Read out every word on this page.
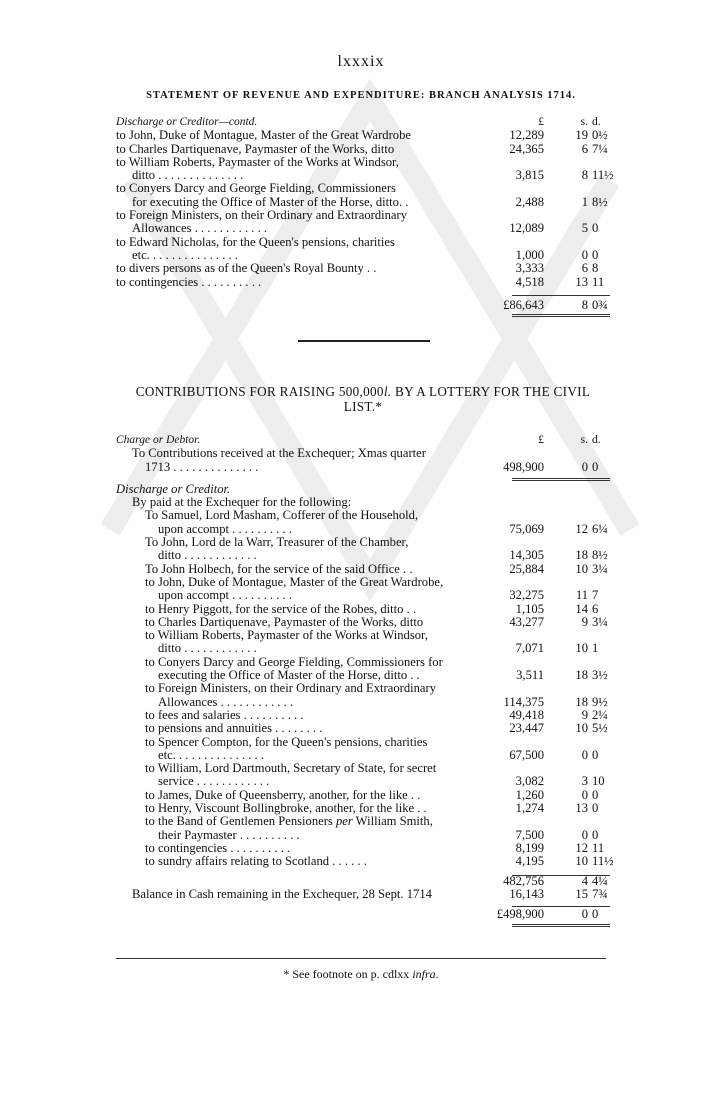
lxxxix
STATEMENT OF REVENUE AND EXPENDITURE: BRANCH ANALYSIS 1714.
Discharge or Creditor—contd.	£	s. d.
to John, Duke of Montague, Master of the Great Wardrobe	12,289	19 0½
to Charles Dartiquenave, Paymaster of the Works, ditto	24,365	6 7¼
to William Roberts, Paymaster of the Works at Windsor,
ditto . . . . . . . . . . . . . .	3,815	8 11½
to Conyers Darcy and George Fielding, Commissioners
for executing the Office of Master of the Horse, ditto. .	2,488	1 8½
to Foreign Ministers, on their Ordinary and Extraordinary
Allowances . . . . . . . . . . . .	12,089	5 0
to Edward Nicholas, for the Queen's pensions, charities
etc. . . . . . . . . . . . . . .	1,000	0 0
to divers persons as of the Queen's Royal Bounty . .	3,333	6 8
to contingencies . . . . . . . . . .	4,518	13 11
£86,643	8 0¾
CONTRIBUTIONS FOR RAISING 500,000l. BY A LOTTERY FOR THE CIVIL LIST.*
Charge or Debtor.	£	s. d.
To Contributions received at the Exchequer; Xmas quarter
1713 . . . . . . . . . . . . . .	498,900	0 0
Discharge or Creditor.
By paid at the Exchequer for the following:
To Samuel, Lord Masham, Cofferer of the Household,
upon accompt . . . . . . . . . .	75,069	12 6¼
To John, Lord de la Warr, Treasurer of the Chamber,
ditto . . . . . . . . . . . .	14,305	18 8½
To John Holbech, for the service of the said Office . .	25,884	10 3¼
to John, Duke of Montague, Master of the Great Wardrobe,
upon accompt . . . . . . . . . .	32,275	11 7
to Henry Piggott, for the service of the Robes, ditto . .	1,105	14 6
to Charles Dartiquenave, Paymaster of the Works, ditto	43,277	9 3¼
to William Roberts, Paymaster of the Works at Windsor,
ditto . . . . . . . . . . . .	7,071	10 1
to Conyers Darcy and George Fielding, Commissioners for
executing the Office of Master of the Horse, ditto . .	3,511	18 3½
to Foreign Ministers, on their Ordinary and Extraordinary
Allowances . . . . . . . . . . . .	114,375	18 9½
to fees and salaries . . . . . . . . . .	49,418	9 2¼
to pensions and annuities . . . . . . . .	23,447	10 5½
to Spencer Compton, for the Queen's pensions, charities
etc. . . . . . . . . . . . . . .	67,500	0 0
to William, Lord Dartmouth, Secretary of State, for secret
service . . . . . . . . . . . .	3,082	3 10
to James, Duke of Queensberry, another, for the like . .	1,260	0 0
to Henry, Viscount Bollingbroke, another, for the like . .	1,274	13 0
to the Band of Gentlemen Pensioners per William Smith,
their Paymaster . . . . . . . . . .	7,500	0 0
to contingencies . . . . . . . . . .	8,199	12 11
to sundry affairs relating to Scotland . . . . . .	4,195	10 11½
482,756	4 4¼
Balance in Cash remaining in the Exchequer, 28 Sept. 1714	16,143	15 7¾
£498,900	0 0
* See footnote on p. cdlxx infra.
